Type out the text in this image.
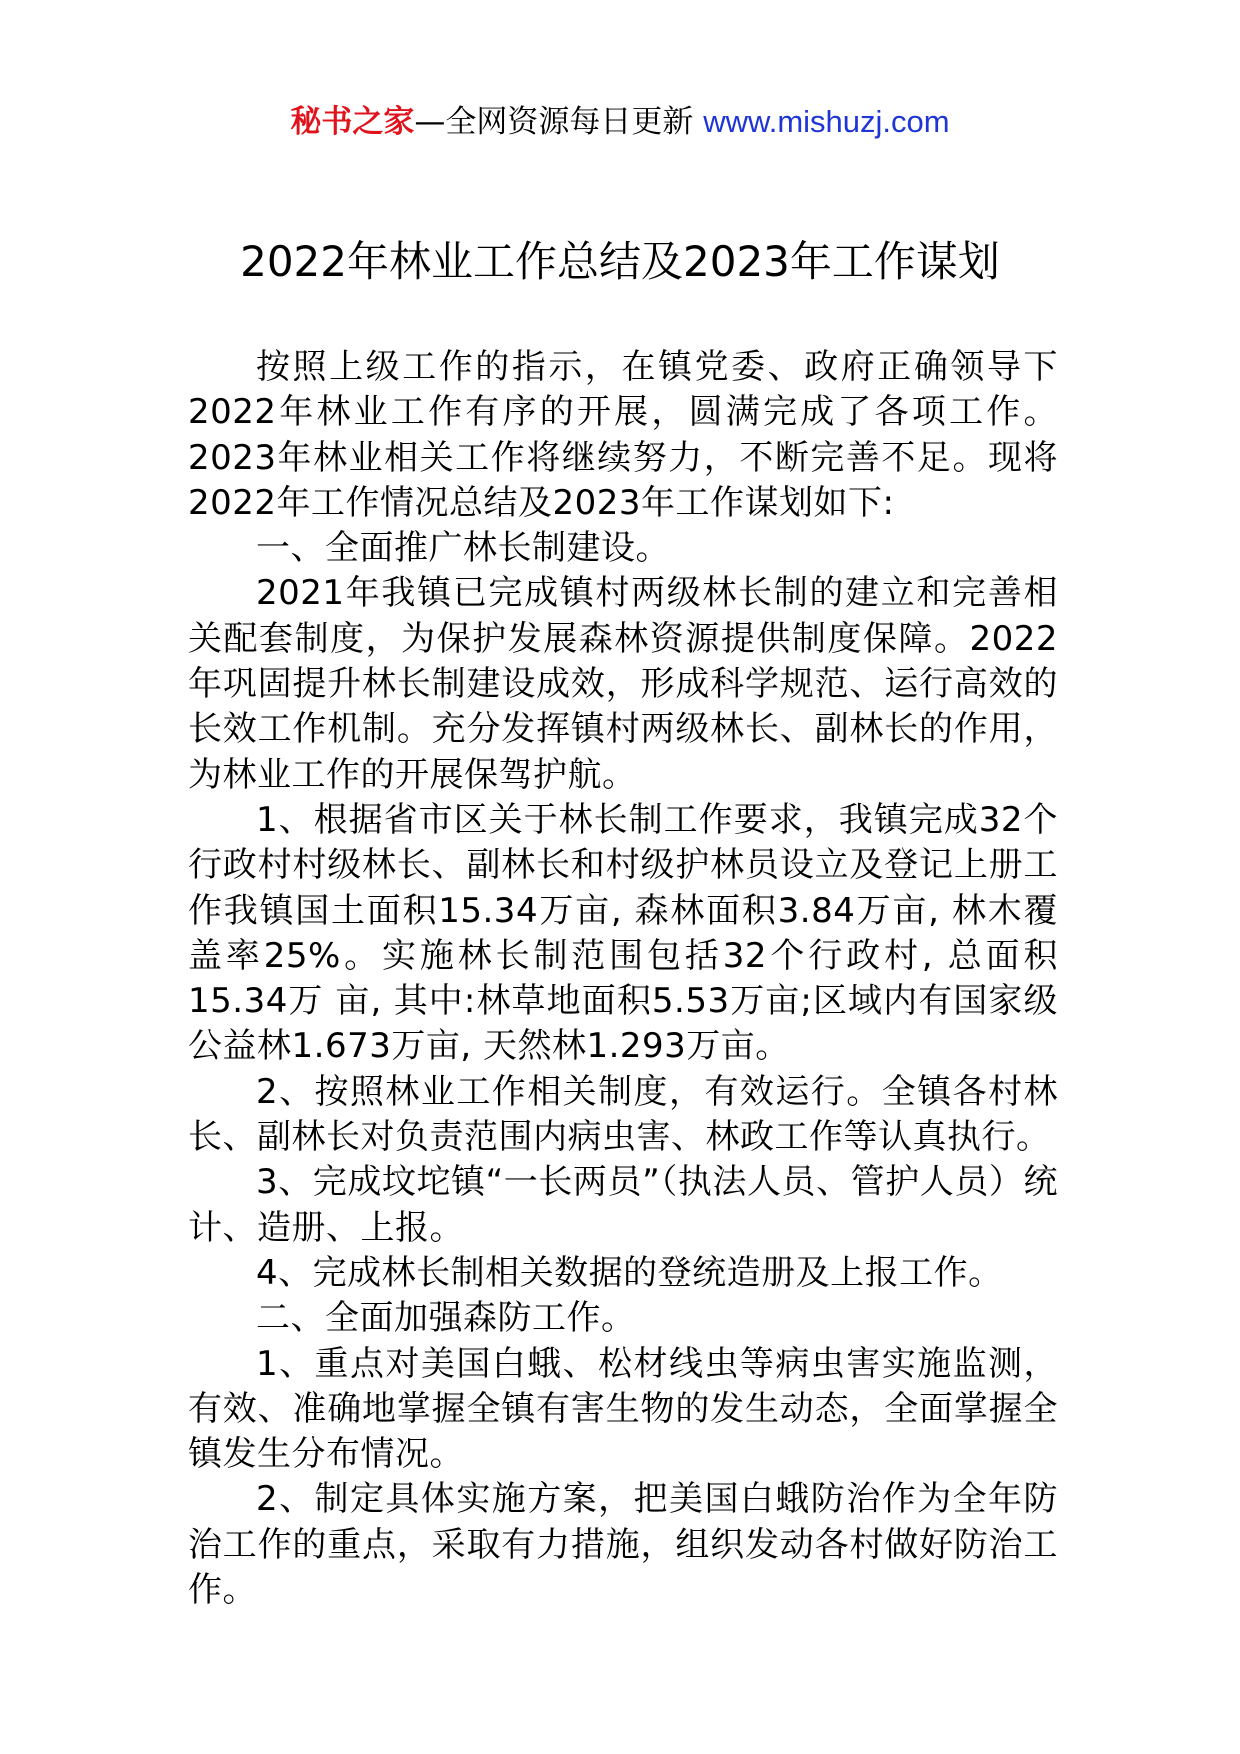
秘书之家—全网资源每日更新 www.mishuzj.com
2022年林业工作总结及2023年工作谋划

按照上级工作的指示，在镇党委、政府正确领导下2022年林业工作有序的开展，圆满完成了各项工作。2023年林业相关工作将继续努力，不断完善不足。现将2022年工作情况总结及2023年工作谋划如下:

一、全面推广林长制建设。

2021年我镇已完成镇村两级林长制的建立和完善相关配套制度，为保护发展森林资源提供制度保障。2022年巩固提升林长制建设成效，形成科学规范、运行高效的长效工作机制。充分发挥镇村两级林长、副林长的作用，为林业工作的开展保驾护航。

1、根据省市区关于林长制工作要求，我镇完成32个行政村村级林长、副林长和村级护林员设立及登记上册工作我镇国土面积15.34万亩, 森林面积3.84万亩, 林木覆盖率25%。实施林长制范围包括32个行政村, 总面积15.34万 亩, 其中:林草地面积5.53万亩;区域内有国家级公益林1.673万亩, 天然林1.293万亩。

2、按照林业工作相关制度，有效运行。全镇各村林长、副林长对负责范围内病虫害、林政工作等认真执行。

3、完成坟坨镇“一长两员”（执法人员、管护人员）统计、造册、上报。

4、完成林长制相关数据的登统造册及上报工作。

二、全面加强森防工作。

1、重点对美国白蛾、松材线虫等病虫害实施监测，有效、准确地掌握全镇有害生物的发生动态，全面掌握全镇发生分布情况。

2、制定具体实施方案，把美国白蛾防治作为全年防治工作的重点，采取有力措施，组织发动各村做好防治工作。
